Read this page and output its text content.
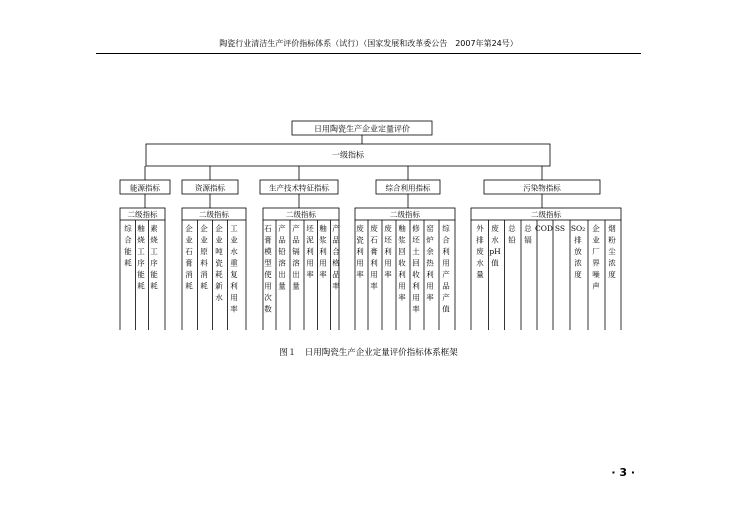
陶瓷行业清洁生产评价指标体系（试行）（国家发展和改革委公告　2007年第24号）
日用陶瓷生产企业定量评价
一级指标
能源指标
二级指标
综合能耗
釉烧工序能耗
素烧工序能耗
资源指标
二级指标
企业石膏消耗
企业原料消耗
企业吨瓷耗新水
工业水重复利用率
生产技术特征指标
二级指标
石膏模型使用次数
产品铅溶出量
产品镉溶出量
坯泥利用率
釉浆利用率
产品合格品率
综合利用指标
二级指标
废瓷利用率
废石膏利用率
废坯利用率
釉浆回收利用率
修坯土回收利用率
窑炉余热利用率
综合利用产品产值
污染物指标
二级指标
外排废水量
废水 pH 值
总铅
总镉
COD SS SO₂ 排放浓度
企业厂界噪声
烟粉尘浓度
图１　日用陶瓷生产企业定量评价指标体系框架
· 3 ·
